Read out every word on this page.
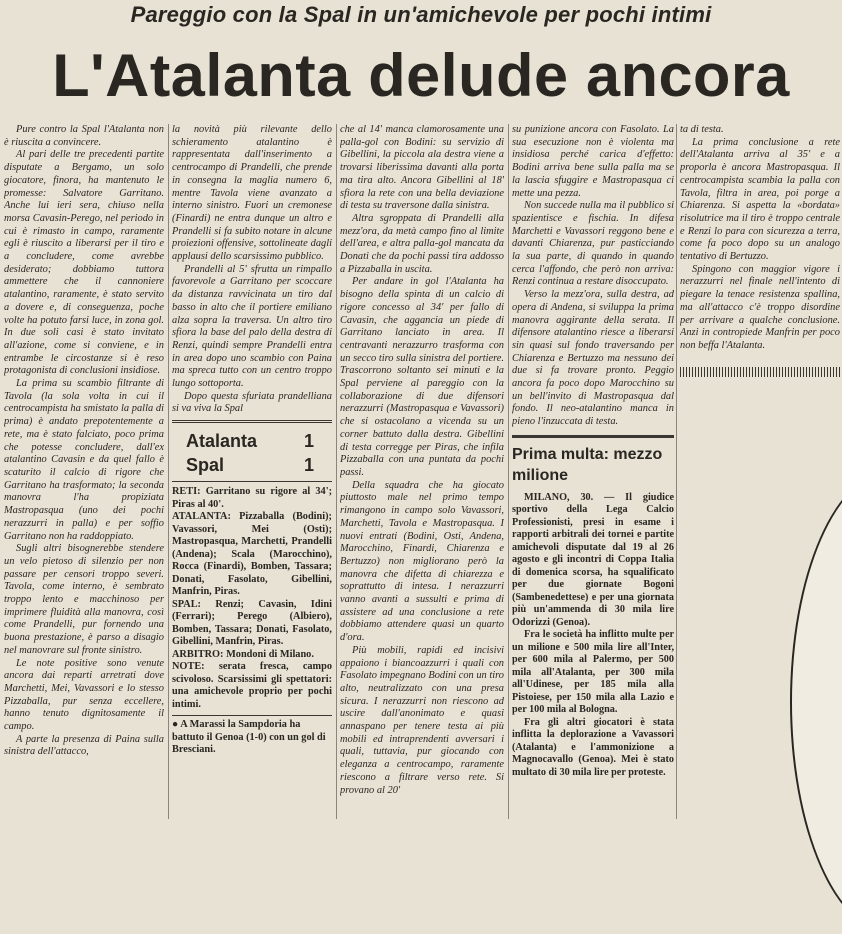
Pareggio con la Spal in un'amichevole per pochi intimi
L'Atalanta delude ancora

Pure contro la Spal l'Atalanta non è riuscita a convincere.

Al pari delle tre precedenti partite disputate a Bergamo, un solo giocatore, finora, ha mantenuto le promesse: Salvatore Garritano. Anche lui ieri sera, chiuso nella morsa Cavasin-Perego, nel periodo in cui è rimasto in campo, raramente egli è riuscito a liberarsi per il tiro e a concludere, come avrebbe desiderato; dobbiamo tuttora ammettere che il cannoniere atalantino, raramente, è stato servito a dovere e, di conseguenza, poche volte ha potuto farsi luce, in zona gol. In due soli casi è stato invitato all'azione, come si conviene, e in entrambe le circostanze si è reso protagonista di conclusioni insidiose.

La prima su scambio filtrante di Tavola (la sola volta in cui il centrocampista ha smistato la palla di prima) è andato prepotentemente a rete, ma è stato falciato, poco prima che potesse concludere, dall'ex atalantino Cavasin e da quel fallo è scaturito il calcio di rigore che Garritano ha trasformato; la seconda manovra l'ha propiziata Mastropasqua (uno dei pochi nerazzurri in palla) e per soffio Garritano non ha raddoppiato.

Sugli altri bisognerebbe stendere un velo pietoso di silenzio per non passare per censori troppo severi. Tavola, come interno, è sembrato troppo lento e macchinoso per imprimere fluidità alla manovra, così come Prandelli, pur fornendo una buona prestazione, è parso a disagio nel manovrare sul fronte sinistro.

Le note positive sono venute ancora dai reparti arretrati dove Marchetti, Mei, Vavassori e lo stesso Pizzaballa, pur senza eccellere, hanno tenuto dignitosamente il campo.

A parte la presenza di Paina sulla sinistra dell'attacco,

la novità più rilevante dello schieramento atalantino è rappresentata dall'inserimento a centrocampo di Prandelli, che prende in consegna la maglia numero 6, mentre Tavola viene avanzato a interno sinistro. Fuori un cremonese (Finardi) ne entra dunque un altro e Prandelli si fa subito notare in alcune proiezioni offensive, sottolineate dagli applausi dello scarsissimo pubblico.

Prandelli al 5' sfrutta un rimpallo favorevole a Garritano per scoccare da distanza ravvicinata un tiro dal basso in alto che il portiere emiliano alza sopra la traversa. Un altro tiro sfiora la base del palo della destra di Renzi, quindi sempre Prandelli entra in area dopo uno scambio con Paina ma spreca tutto con un centro troppo lungo sottoporta.

Dopo questa sfuriata prandelliana si va viva la Spal

Atalanta	1
Spal	1

RETI: Garritano su rigore al 34'; Piras al 40'.

ATALANTA: Pizzaballa (Bodini); Vavassori, Mei (Osti); Mastropasqua, Marchetti, Prandelli (Andena); Scala (Marocchino), Rocca (Finardi), Bomben, Tassara; Donati, Fasolato, Gibellini, Manfrin, Piras.

SPAL: Renzi; Cavasin, Idini (Ferrari); Perego (Albiero), Bomben, Tassara; Donati, Fasolato, Gibellini, Manfrin, Piras.

ARBITRO: Mondoni di Milano.

NOTE: serata fresca, campo scivoloso. Scarsissimi gli spettatori: una amichevole proprio per pochi intimi.

● A Marassi la Sampdoria ha battuto il Genoa (1-0) con un gol di Bresciani.

che al 14' manca clamorosamente una palla-gol con Bodini: su servizio di Gibellini, la piccola ala destra viene a trovarsi liberissima davanti alla porta ma tira alto. Ancora Gibellini al 18' sfiora la rete con una bella deviazione di testa su traversone dalla sinistra.

Altra sgroppata di Prandelli alla mezz'ora, da metà campo fino al limite dell'area, e altra palla-gol mancata da Donati che da pochi passi tira addosso a Pizzaballa in uscita.

Per andare in gol l'Atalanta ha bisogno della spinta di un calcio di rigore concesso al 34' per fallo di Cavasin, che aggancia un piede di Garritano lanciato in area. Il centravanti nerazzurro trasforma con un secco tiro sulla sinistra del portiere. Trascorrono soltanto sei minuti e la Spal perviene al pareggio con la collaborazione di due difensori nerazzurri (Mastropasqua e Vavassori) che si ostacolano a vicenda su un corner battuto dalla destra. Gibellini di testa corregge per Piras, che infila Pizzaballa con una puntata da pochi passi.

Della squadra che ha giocato piuttosto male nel primo tempo rimangono in campo solo Vavassori, Marchetti, Tavola e Mastropasqua. I nuovi entrati (Bodini, Osti, Andena, Marocchino, Finardi, Chiarenza e Bertuzzo) non migliorano però la manovra che difetta di chiarezza e soprattutto di intesa. I nerazzurri vanno avanti a sussulti e prima di assistere ad una conclusione a rete dobbiamo attendere quasi un quarto d'ora.

Più mobili, rapidi ed incisivi appaiono i biancoazzurri i quali con Fasolato impegnano Bodini con un tiro alto, neutralizzato con una presa sicura. I nerazzurri non riescono ad uscire dall'anonimato e quasi annaspano per tenere testa ai più mobili ed intraprendenti avversari i quali, tuttavia, pur giocando con eleganza a centrocampo, raramente riescono a filtrare verso rete. Si provano al 20'

su punizione ancora con Fasolato. La sua esecuzione non è violenta ma insidiosa perché carica d'effetto: Bodini arriva bene sulla palla ma se la lascia sfuggire e Mastropasqua ci mette una pezza.

Non succede nulla ma il pubblico si spazientisce e fischia. In difesa Marchetti e Vavassori reggono bene e davanti Chiarenza, pur pasticciando la sua parte, di quando in quando cerca l'affondo, che però non arriva: Renzi continua a restare disoccupato.

Verso la mezz'ora, sulla destra, ad opera di Andena, si sviluppa la prima manovra aggirante della serata. Il difensore atalantino riesce a liberarsi sin quasi sul fondo traversando per Chiarenza e Bertuzzo ma nessuno dei due si fa trovare pronto. Peggio ancora fa poco dopo Marocchino su un bell'invito di Mastropasqua dal fondo. Il neo-atalantino manca in pieno l'inzuccata di testa.

Prima multa: mezzo milione

MILANO, 30. — Il giudice sportivo della Lega Calcio Professionisti, presi in esame i rapporti arbitrali dei tornei e partite amichevoli disputate dal 19 al 26 agosto e gli incontri di Coppa Italia di domenica scorsa, ha squalificato per due giornate Bogoni (Sambenedettese) e per una giornata più un'ammenda di 30 mila lire Odorizzi (Genoa).

Fra le società ha inflitto multe per un milione e 500 mila lire all'Inter, per 600 mila al Palermo, per 500 mila all'Atalanta, per 300 mila all'Udinese, per 185 mila alla Pistoiese, per 150 mila alla Lazio e per 100 mila al Bologna.

Fra gli altri giocatori è stata inflitta la deplorazione a Vavassori (Atalanta) e l'ammonizione a Magnocavallo (Genoa). Mei è stato multato di 30 mila lire per proteste.

ta di testa.

La prima conclusione a rete dell'Atalanta arriva al 35' e a proporla è ancora Mastropasqua. Il centrocampista scambia la palla con Tavola, filtra in area, poi porge a Chiarenza. Si aspetta la «bordata» risolutrice ma il tiro è troppo centrale e Renzi lo para con sicurezza a terra, come fa poco dopo su un analogo tentativo di Bertuzzo.

Spingono con maggior vigore i nerazzurri nel finale nell'intento di piegare la tenace resistenza spallina, ma all'attacco c'è troppo disordine per arrivare a qualche conclusione. Anzi in contropiede Manfrin per poco non beffa l'Atalanta.
